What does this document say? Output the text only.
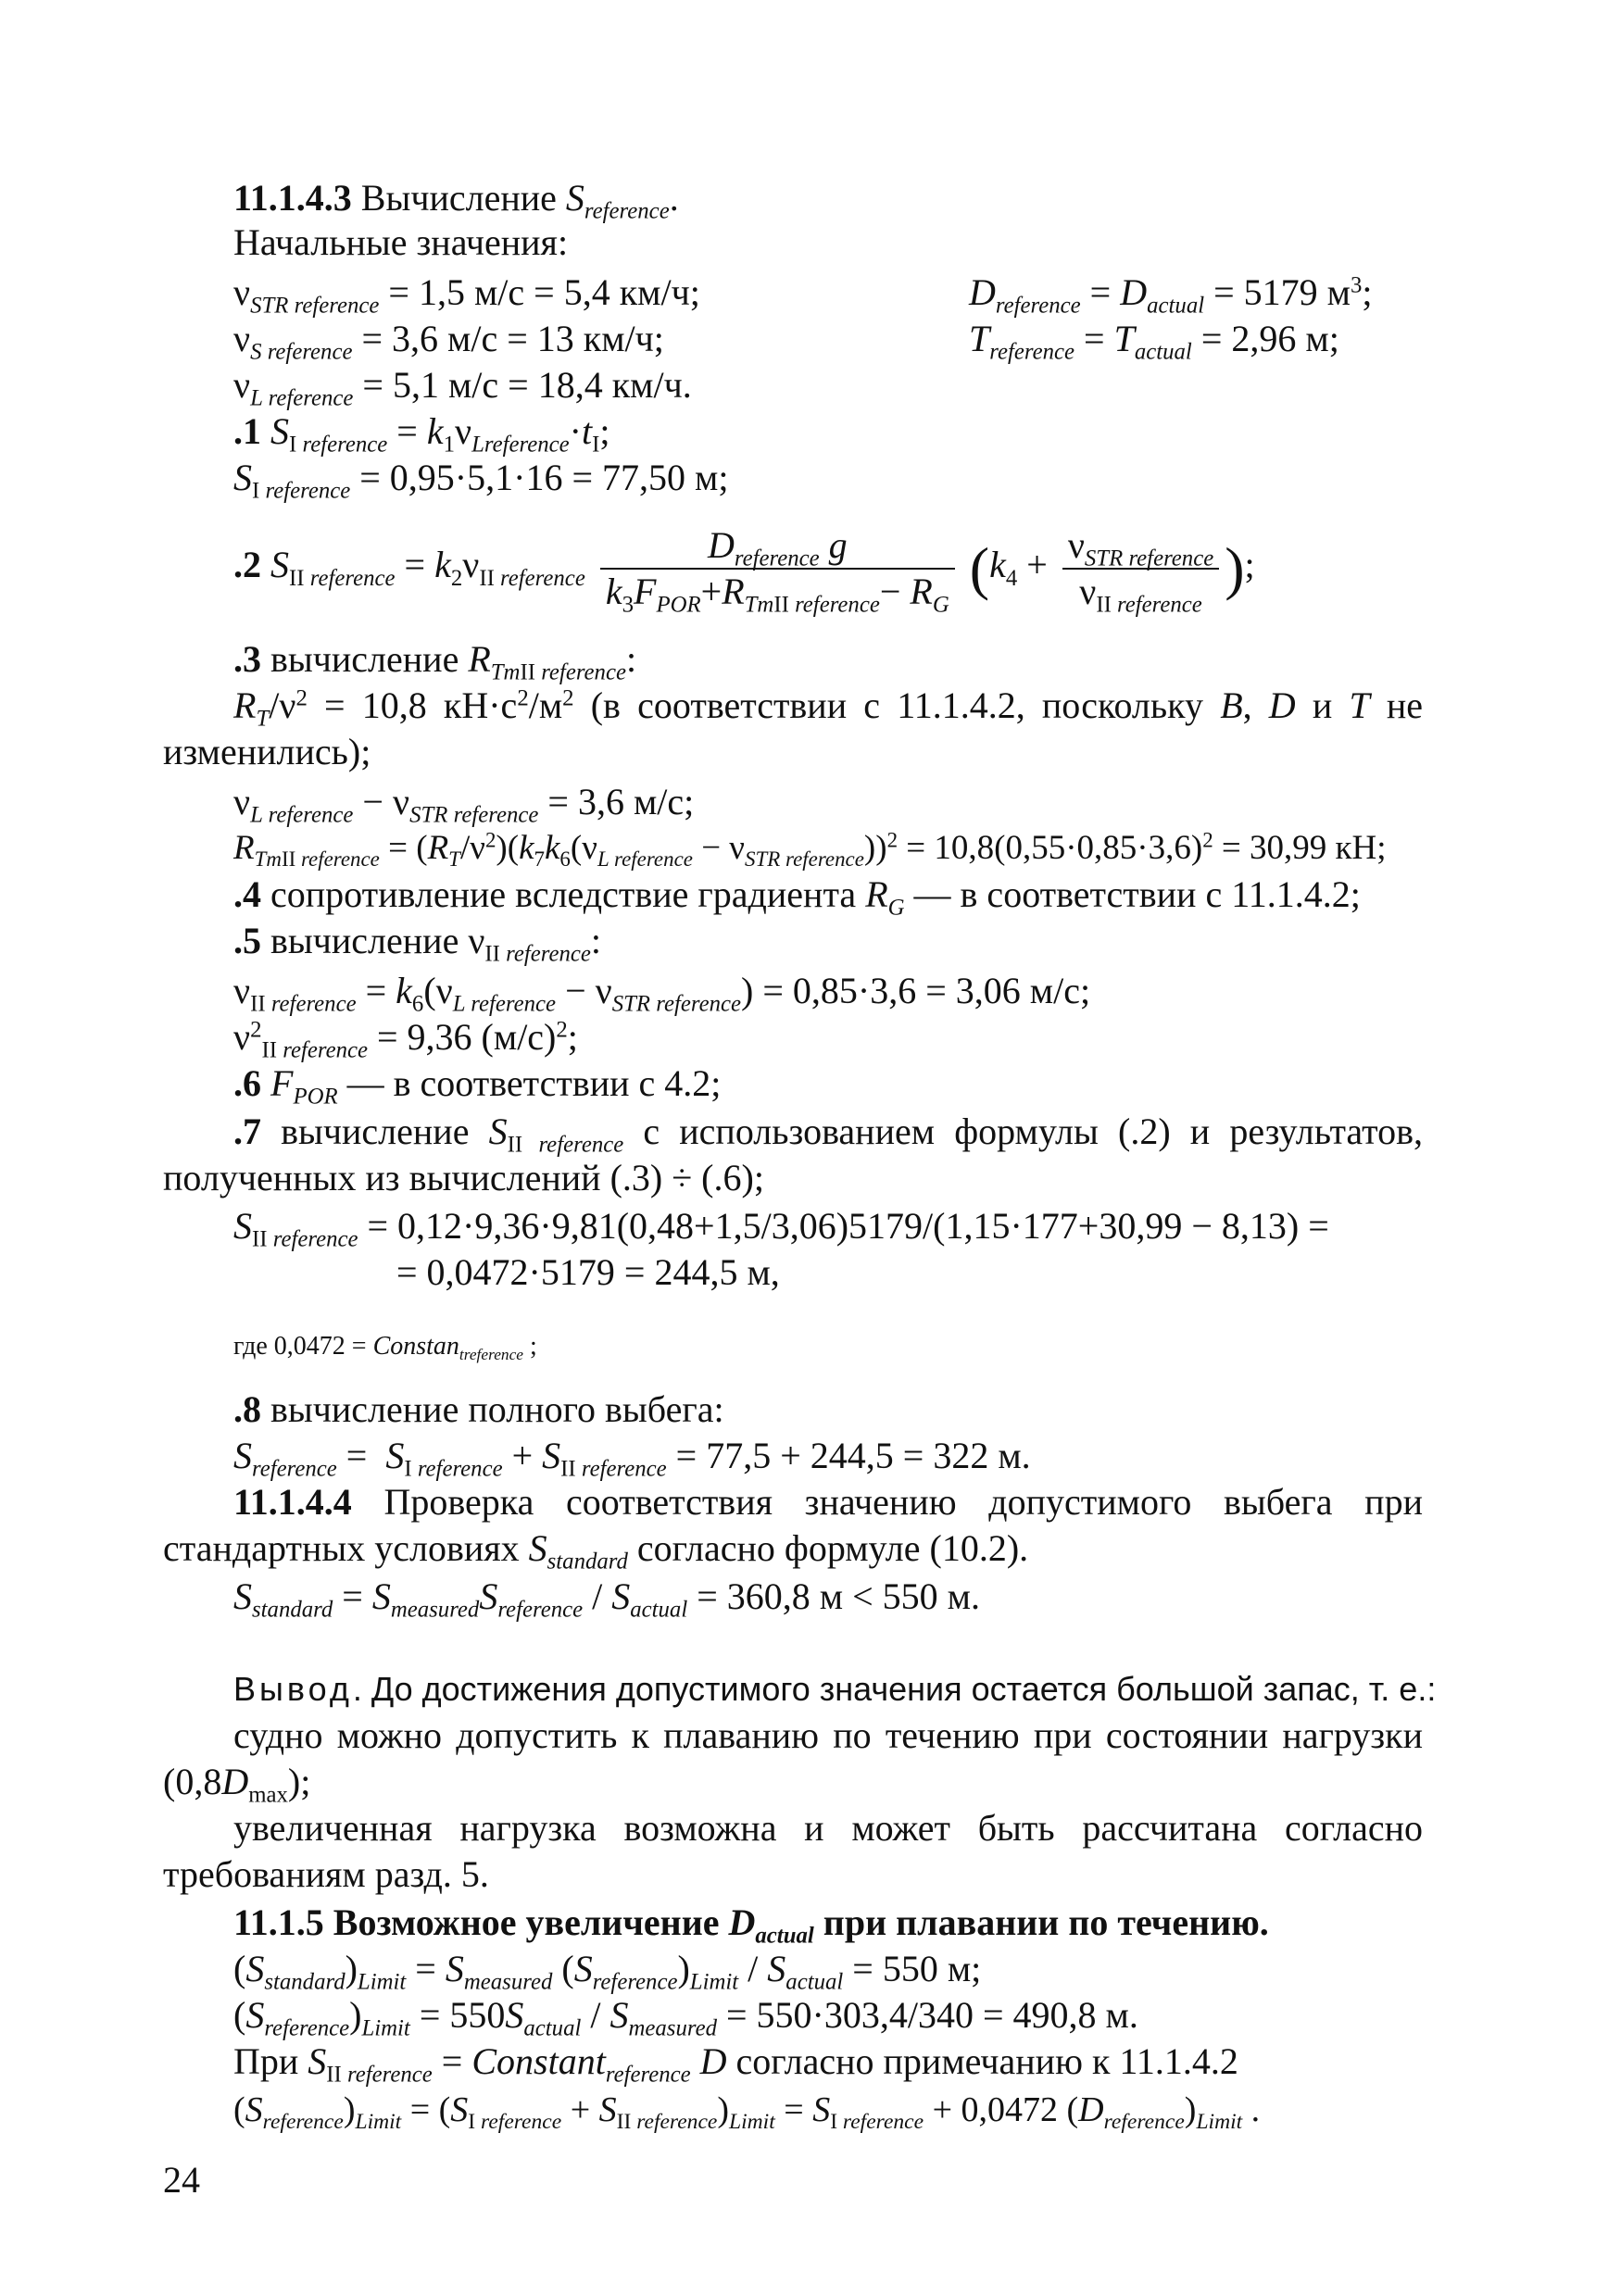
11.1.4.3 Вычисление $S_{reference}$.
Начальные значения:
$\nu_{STR reference} = 1,5$ м/с = 5,4 км/ч;	$D_{reference} = D_{actual} = 5179$ $м^3$;
$\nu_{S reference} = 3,6$ м/с = 13 км/ч;	$T_{reference} = T_{actual} = 2,96$ м;
$\nu_{L reference} = 5,1$ м/с = 18,4 км/ч.
.1 $S_I$ $_{reference} = k_1\nu_{Lreference}\cdot t_I$;
$S_I$ $_{reference}$ = 0,95·5,1·16 = 77,50 м;
.2 $S_{II}$ $_{reference} = k_2\nu_{II}$ $_{reference} \frac{D_{reference} g}{k_3F_{POR}+R_{TmII} _{reference}- R_G} (k_4 + \frac{\nu_{STR reference}}{\nu_{II} _{reference}}$ );
.3 вычисление $R_{TmII}$ $_{reference}$:
$R_T/\nu^2 = 10,8$ $кН\cdot с^2/м^2$ (в соответствии с 11.1.4.2, поскольку B, D и T не
изменились);
$\nu_{L reference} - \nu_{STR reference} = 3,6$ м/с;
$R_{TmII}$ $_{reference} = (R_T/\nu^2)(k_7k_6(\nu_{L reference} - \nu_{STR reference}))^2 = 10,8(0,55\cdot 0,85\cdot 3,6)^2 = 30,99$ кН;
.4 сопротивление вследствие градиента $R_G$ — в соответствии с 11.1.4.2;
.5 вычисление $\nu_{II}$ $_{reference}$:
$\nu_{II}$ $_{reference} = k_6(\nu_{L reference} - \nu_{STR reference}) = 0,85\cdot 3,6 = 3,06$ м/с;
$\nu^2_{II}$ $_{reference}$ = 9,36 $(м/с)^2$;
.6 $F_{POR}$ — в соответствии с 4.2;
.7 вычисление $S_{II}$ $_{reference}$ с использованием формулы (.2) и результатов,
полученных из вычислений (.3) ÷ (.6);
$S_{II}$ $_{reference}$ = 0,12·9,36·9,81(0,48+1,5/3,06)5179/(1,15·177+30,99 − 8,13) =
= 0,0472·5179 = 244,5 м,
где 0,0472 = Constan$_{treference}$ ;
.8 вычисление полного выбега:
$S_{reference} = S_I$ $_{reference} + S_{II}$ $_{reference}$ = 77,5 + 244,5 = 322 м.
11.1.4.4 Проверка соответствия значению допустимого выбега при
стандартных условиях $S_{standard}$ согласно формуле (10.2).
$S_{standard} = S_{measured}S_{reference} / S_{actual} = 360,8$ м < 550 м.
Вывод. До достижения допустимого значения остается большой запас, т. е.:
судно можно допустить к плаванию по течению при состоянии нагрузки
$(0,8D_{max})$;
увеличенная нагрузка возможна и может быть рассчитана согласно
требованиям разд. 5.
11.1.5 Возможное увеличение $D_{actual}$ при плавании по течению.
$(S_{standard})_{Limit} = S_{measured}$ $(S_{reference})_{Limit} / S_{actual} = 550$ м;
$(S_{reference})_{Limit} = 550S_{actual} / S_{measured} = 550\cdot 303,4/340 = 490,8$ м.
При $S_{II}$ $_{reference}$ = Constant$_{reference}$ D согласно примечанию к 11.1.4.2
$(S_{reference})_{Limit} = (S_I$ $_{reference} + S_{II}$ $_{reference})_{Limit} = S_I$ $_{reference}$ + 0,0472 $(D_{reference})_{Limit}$ .
24
